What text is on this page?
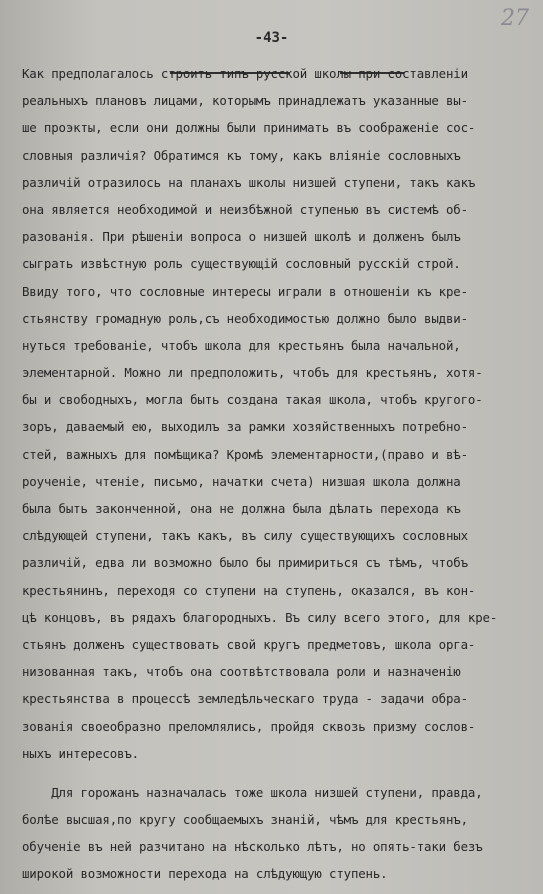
27
-43-
Как предполагалось строить типъ русской школы при составленіи
реальныхъ плановъ лицами, которымъ принадлежатъ указанные вы-
ше проэкты, если они должны были принимать въ соображеніе сос-
словныя различія? Обратимся къ тому, какъ вліяніе сословныхъ
различій отразилось на планахъ школы низшей ступени, такъ какъ
она является необходимой и неизбѣжной ступенью въ системѣ об-
разованія. При рѣшеніи вопроса о низшей школѣ и долженъ былъ
сыграть извѣстную роль существующій сословный русскій строй.
Ввиду того, что сословные интересы играли в отношеніи къ кре-
стьянству громадную роль,съ необходимостью должно было выдви-
нуться требованіе, чтобъ школа для крестьянъ была начальной,
элементарной. Можно ли предположить, чтобъ для крестьянъ, хотя-
бы и свободныхъ, могла быть создана такая школа, чтобъ кругого-
зоръ, даваемый ею, выходилъ за рамки хозяйственныхъ потребно-
стей, важныхъ для помѣщика? Кромѣ элементарности,(право и вѣ-
роученіе, чтеніе, письмо, начатки счета) низшая школа должна
была быть законченной, она не должна была дѣлать перехода къ
слѣдующей ступени, такъ какъ, въ силу существующихъ сословных
различій, едва ли возможно было бы примириться съ тѣмъ, чтобъ
крестьянинъ, переходя со ступени на ступень, оказался, въ кон-
цѣ концовъ, въ рядахъ благородныхъ. Въ силу всего этого, для кре-
стьянъ долженъ существовать свой кругъ предметовъ, школа орга-
низованная такъ, чтобъ она соотвѣтствовала роли и назначенію
крестьянства в процессѣ земледѣльческаго труда - задачи обра-
зованія своеобразно преломлялись, пройдя сквозь призму сослов-
ныхъ интересовъ.
Для горожанъ назначалась тоже школа низшей ступени, правда,
болѣе высшая,по кругу сообщаемыхъ знаній, чѣмъ для крестьянъ,
обученіе въ ней разчитано на нѣсколько лѣтъ, но опять-таки безъ
широкой возможности перехода на слѣдующую ступень.
